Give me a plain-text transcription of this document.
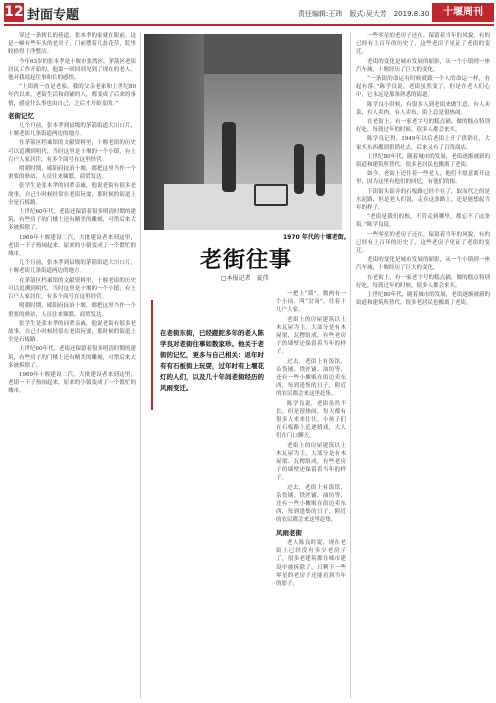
12 封面专题	责任编辑:王玮　版式:吴大芳　2019.8.30	十堰周刊

穿过一条狭长的巷道，张本孝的家就在眼前。这是一幢有些年头的老房子，门前摆着几盆花草，院里收拾得干净整洁。

今年63岁的张本孝是十堰市张湾区、茅箭区老街居民工作开始的，他第一回回到见到了现在的老人、他对我说起往事和长的感悟。

“上街就一直是老家，我的父亲老家和上世纪80年代以来，老街生活和商铺的人，都变成了后来的事情，感觉什么事也由自己，之后才开始变的。”

老街记忆

几个月前，张本孝到县级的茅箭街道大川口片，十堰老街几条街道两边的地方。

在茅箭区档案馆的文献资料里，十堰老街的历史可以追溯到明代，当时这里是十堰的一个小镇，有上百户人家居住，有多个商号在这里经营。

明朝时期，郧阳府抚治十堰，都把这里当作一个重要的驿站，人员往来频繁，商贸发达。

张学生是张本孝的同辈亲戚，他说老街有很多老故事，自己小时候经常在老街玩耍，那时候的街道上全是石板路。

上世纪60年代，老街还保留着很多明清时期的建筑，有些房子的门楼上还有精美的雕刻，可惜后来大多被拆除了。

1969年十堰建设二汽，大批建设者来到这里，老街一下子热闹起来，原来的小镇变成了一个繁忙的城市。

几个月前，张本孝到县级的茅箭街道大川口片，十堰老街几条街道两边的地方。

在茅箭区档案馆的文献资料里，十堰老街的历史可以追溯到明代，当时这里是十堰的一个小镇，有上百户人家居住，有多个商号在这里经营。

明朝时期，郧阳府抚治十堰，都把这里当作一个重要的驿站，人员往来频繁，商贸发达。

张学生是张本孝的同辈亲戚，他说老街有很多老故事，自己小时候经常在老街玩耍，那时候的街道上全是石板路。

上世纪60年代，老街还保留着很多明清时期的建筑，有些房子的门楼上还有精美的雕刻，可惜后来大多被拆除了。

1969年十堰建设二汽，大批建设者来到这里，老街一下子热闹起来，原来的小镇变成了一个繁忙的城市。

1970 年代的十堰老街。
老街往事
□本报记者　夏伟
在老街东街，已经蹉跎多年的老人陈学良对老街往事如数家珍。他关于老街的记忆，更多与自己相关：返年时有有石板街上玩耍，过年时有上堰花灯的人们，以及几十年间老街经历的风雨变迁。

一把上“锁”，数两有一个小岗，叫“岔岗”，往着十几户人家。

老街上的房屋建筑以土木瓦屋为主，大部分是有木屋梁、瓦楞组成，有些老房子的墙壁还保留着当年的样子。

过去，老街上有饭馆、杂货铺、铁匠铺、油坊等，还有一些小摊贩在街边卖东西，每到逢集的日子，附近的农民都会来这里赶集。

陈学良说，老街虽然不长，但是很热闹，每天都有很多人来来往往，小孩子们在石板路上追逐嬉戏，大人们在门口聊天。

老街上的房屋建筑以土木瓦屋为主，大部分是有木屋梁、瓦楞组成，有些老房子的墙壁还保留着当年的样子。

过去，老街上有饭馆、杂货铺、铁匠铺、油坊等，还有一些小摊贩在街边卖东西，每到逢集的日子，附近的农民都会来这里赶集。

风雨老街

老人陈良时说，现在老街上已经没有多少老房子了，很多老建筑都在城市建设中被拆除了，只剩下一些零星的老房子还能看到当年的影子。

一些零星的老房子还在，保留着当年的风貌，有的已经有上百年的历史了，这些老房子见证了老街的变迁。

老街的变化是城市发展的缩影，从一个小镇到一座汽车城，十堰经历了巨大的变化。

“一条街的命运有时候就跟一个人的命运一样，有起有落。”陈学良说，老街虽然变了，但是在老人们心中，它永远是那条熟悉的街道。

陈学良小时候，有很多人到老街来做生意，有人卖菜，有人卖肉，有人卖布，街上总是很热闹。

在老街上，有一家老字号的糕点铺，做的糕点特别好吃，每到过年的时候，很多人都会来买。

陈学良记得，1949年以后老街上开了供销社，大家买东西都到供销社去，后来又有了百货商店。

上世纪80年代，随着城市的发展，老街逐渐被新的街道和建筑所替代，很多老居民也搬离了老街。

如今，老街上还住着一些老人，他们不愿意离开这里，因为这里有他们的回忆，有他们的根。

下街街头街旁的石板路已经不在了，取而代之的是水泥路，但是老人们说，走在这条路上，还是能想起当年的样子。

“老街是我们的根，不管走到哪里，都忘不了这条街。”陈学良说。

一些零星的老房子还在，保留着当年的风貌，有的已经有上百年的历史了，这些老房子见证了老街的变迁。

老街的变化是城市发展的缩影，从一个小镇到一座汽车城，十堰经历了巨大的变化。

在老街上，有一家老字号的糕点铺，做的糕点特别好吃，每到过年的时候，很多人都会来买。

上世纪80年代，随着城市的发展，老街逐渐被新的街道和建筑所替代，很多老居民也搬离了老街。
